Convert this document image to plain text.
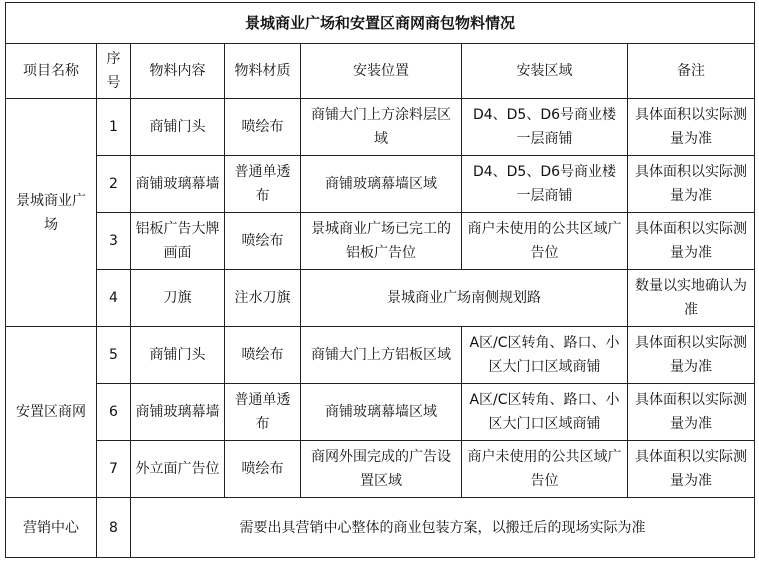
景城商业广场和安置区商网商包物料情况						
项目名称	序号	物料内容	物料材质	安装位置	安装区域	备注
景城商业广场	1	商铺门头	喷绘布	商铺大门上方涂料层区域	D4、D5、D6号商业楼一层商铺	具体面积以实际测量为准
	2	商铺玻璃幕墙	普通单透布	商铺玻璃幕墙区域	D4、D5、D6号商业楼一层商铺	具体面积以实际测量为准
	3	铝板广告大牌画面	喷绘布	景城商业广场已完工的铝板广告位	商户未使用的公共区域广告位	具体面积以实际测量为准
	4	刀旗	注水刀旗	景城商业广场南侧规划路		数量以实地确认为准
安置区商网	5	商铺门头	喷绘布	商铺大门上方铝板区域	A区/C区转角、路口、小区大门口区域商铺	具体面积以实际测量为准
	6	商铺玻璃幕墙	普通单透布	商铺玻璃幕墙区域	A区/C区转角、路口、小区大门口区域商铺	具体面积以实际测量为准
	7	外立面广告位	喷绘布	商网外围完成的广告设置区域	商户未使用的公共区域广告位	具体面积以实际测量为准
营销中心	8	需要出具营销中心整体的商业包装方案，以搬迁后的现场实际为准				
